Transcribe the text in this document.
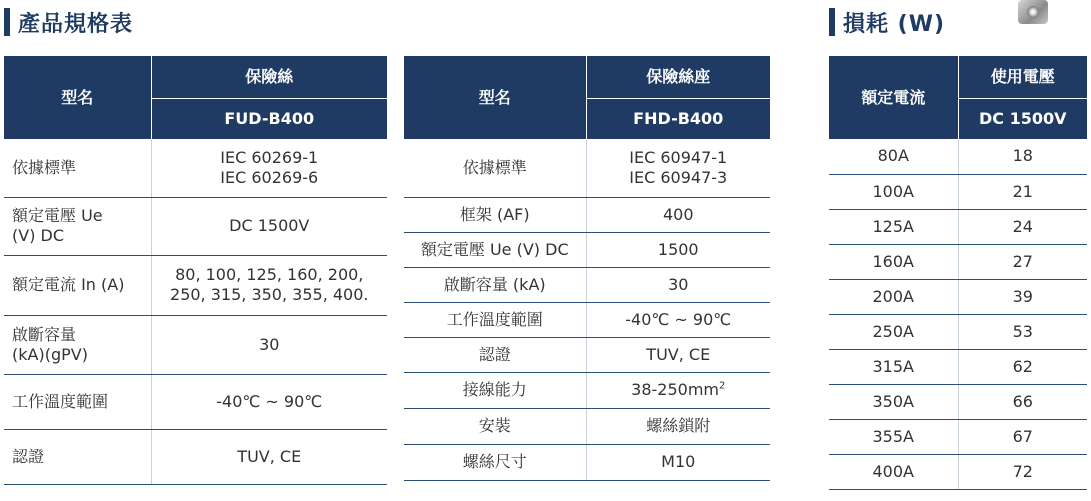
產品規格表	損耗 (W)
型名	保險絲
	FUD-B400
依據標準	IEC 60269-1
IEC 60269-6

額定電壓 Ue
(V) DC	DC 1500V
額定電流 In (A)	80, 100, 125, 160, 200,
250, 315, 350, 355, 400.

啟斷容量
(kA)(gPV)	30
工作溫度範圍	-40℃ ~ 90℃
認證	TUV, CE
型名	保險絲座
	FHD-B400
依據標準	IEC 60947-1
IEC 60947-3

框架 (AF)	400
額定電壓 Ue (V) DC	1500
啟斷容量 (kA)	30
工作溫度範圍	-40℃ ~ 90℃
認證	TUV, CE
接線能力	$38-250mm^2$
安裝	螺絲鎖附
螺絲尺寸	M10
額定電流	使用電壓
	DC 1500V
80A	18
100A	21
125A	24
160A	27
200A	39
250A	53
315A	62
350A	66
355A	67
400A	72
